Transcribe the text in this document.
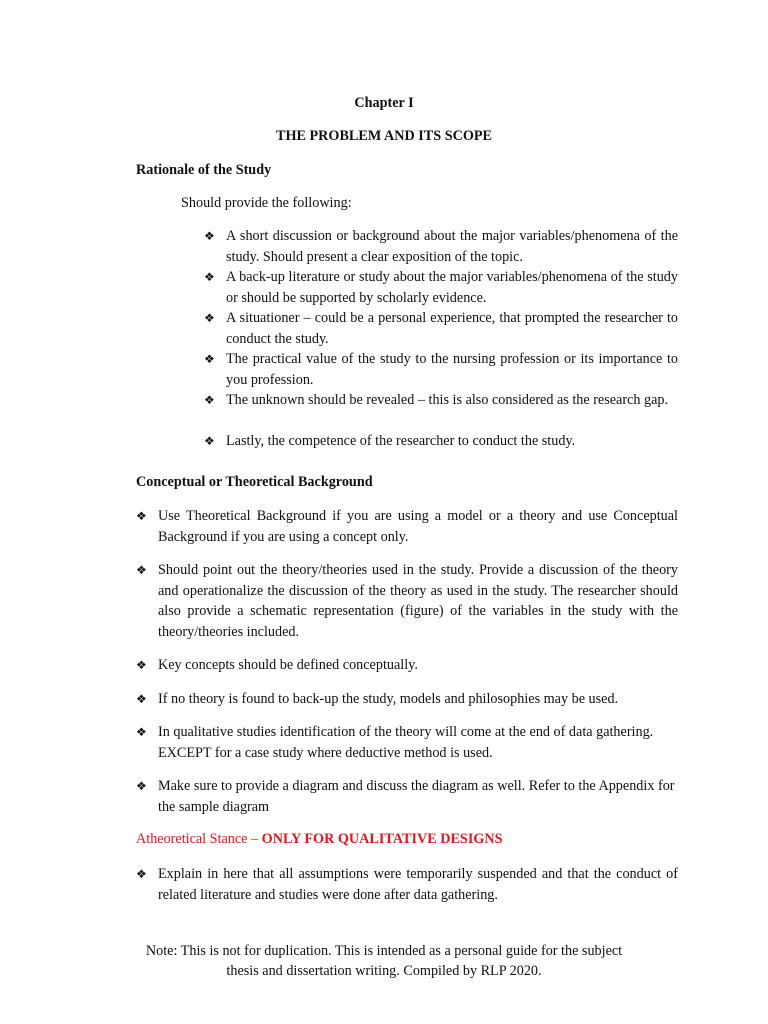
Chapter I
THE PROBLEM AND ITS SCOPE
Rationale of the Study
Should provide the following:
❖ A short discussion or background about the major variables/phenomena of the study. Should present a clear exposition of the topic.
❖ A back-up literature or study about the major variables/phenomena of the study or should be supported by scholarly evidence.
❖ A situationer – could be a personal experience, that prompted the researcher to conduct the study.
❖ The practical value of the study to the nursing profession or its importance to you profession.
❖ The unknown should be revealed – this is also considered as the research gap.
❖ Lastly, the competence of the researcher to conduct the study.
Conceptual or Theoretical Background
❖ Use Theoretical Background if you are using a model or a theory and use Conceptual Background if you are using a concept only.
❖ Should point out the theory/theories used in the study. Provide a discussion of the theory and operationalize the discussion of the theory as used in the study. The researcher should also provide a schematic representation (figure) of the variables in the study with the theory/theories included.
❖ Key concepts should be defined conceptually.
❖ If no theory is found to back-up the study, models and philosophies may be used.
❖ In qualitative studies identification of the theory will come at the end of data gathering. EXCEPT for a case study where deductive method is used.
❖ Make sure to provide a diagram and discuss the diagram as well. Refer to the Appendix for the sample diagram
Atheoretical Stance – ONLY FOR QUALITATIVE DESIGNS
❖ Explain in here that all assumptions were temporarily suspended and that the conduct of related literature and studies were done after data gathering.
Note: This is not for duplication. This is intended as a personal guide for the subject
thesis and dissertation writing. Compiled by RLP 2020.
